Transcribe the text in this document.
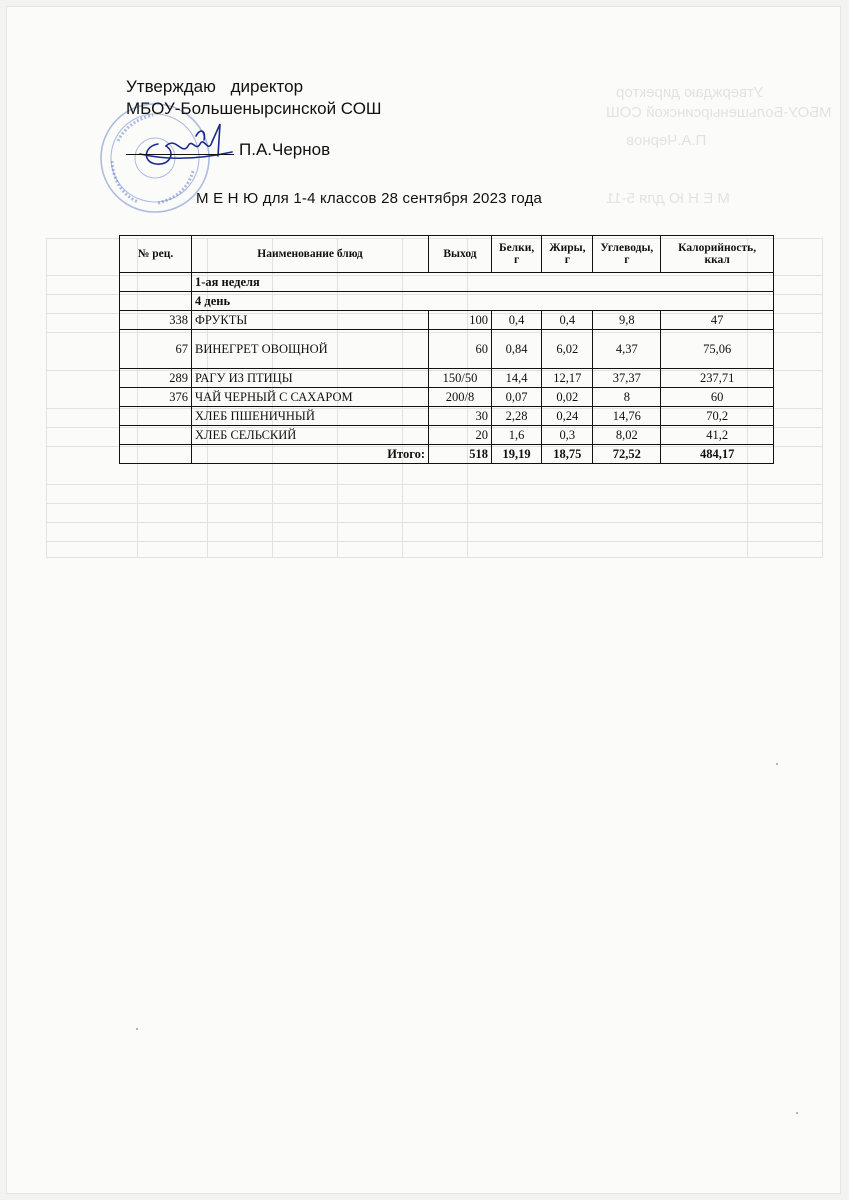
Утверждаю директор
МБОУ-Большенырсинской СОШ
П.А.Чернов
М Е Н Ю для 5-11
Утверждаю директор
МБОУ-Большенырсинской СОШ
П.А.Чернов
М Е Н Ю для 1-4 классов 28 сентября 2023 года
№ рец.	Наименование блюд	Выход	Белки, г	Жиры, г	Углеводы, г	Калорийность, ккал
	1-ая неделя					
	4 день					
338	ФРУКТЫ	100	0,4	0,4	9,8	47
67	ВИНЕГРЕТ ОВОЩНОЙ	60	0,84	6,02	4,37	75,06
289	РАГУ ИЗ ПТИЦЫ	150/50	14,4	12,17	37,37	237,71
376	ЧАЙ ЧЕРНЫЙ С САХАРОМ	200/8	0,07	0,02	8	60
	ХЛЕБ ПШЕНИЧНЫЙ	30	2,28	0,24	14,76	70,2
	ХЛЕБ СЕЛЬСКИЙ	20	1,6	0,3	8,02	41,2
	Итого:	518	19,19	18,75	72,52	484,17
